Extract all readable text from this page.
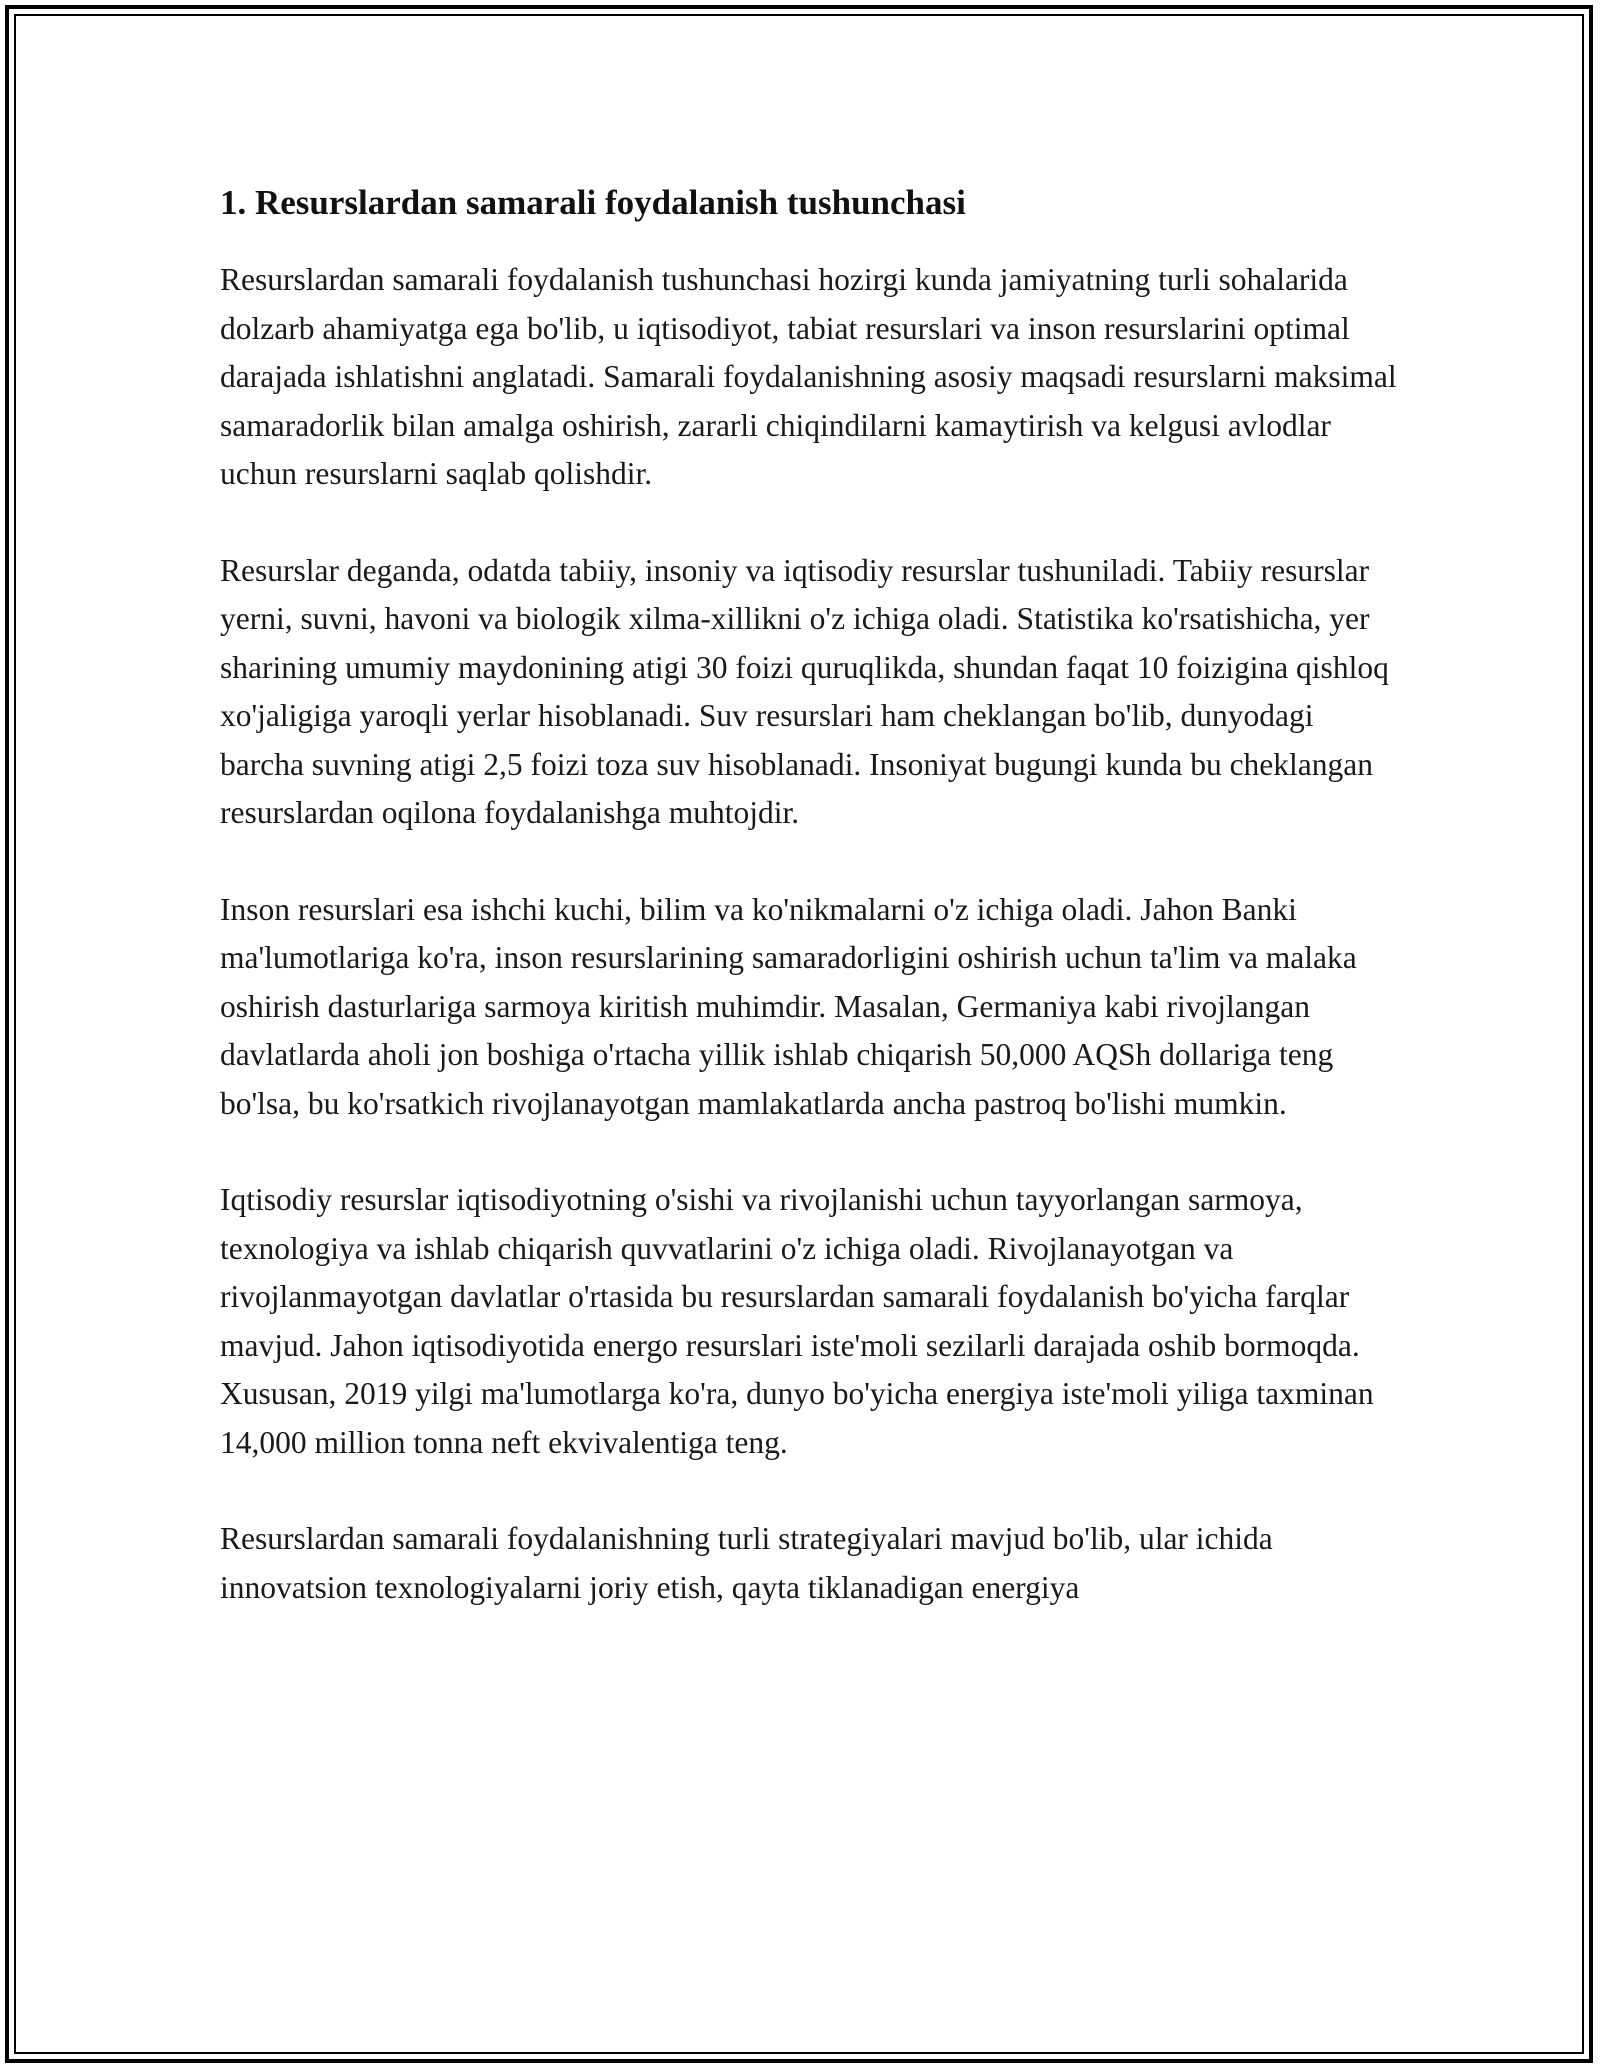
1. Resurslardan samarali foydalanish tushunchasi

Resurslardan samarali foydalanish tushunchasi hozirgi kunda jamiyatning turli sohalarida dolzarb ahamiyatga ega bo'lib, u iqtisodiyot, tabiat resurslari va inson resurslarini optimal darajada ishlatishni anglatadi. Samarali foydalanishning asosiy maqsadi resurslarni maksimal samaradorlik bilan amalga oshirish, zararli chiqindilarni kamaytirish va kelgusi avlodlar uchun resurslarni saqlab qolishdir.

Resurslar deganda, odatda tabiiy, insoniy va iqtisodiy resurslar tushuniladi. Tabiiy resurslar yerni, suvni, havoni va biologik xilma-xillikni o'z ichiga oladi. Statistika ko'rsatishicha, yer sharining umumiy maydonining atigi 30 foizi quruqlikda, shundan faqat 10 foizigina qishloq xo'jaligiga yaroqli yerlar hisoblanadi. Suv resurslari ham cheklangan bo'lib, dunyodagi barcha suvning atigi 2,5 foizi toza suv hisoblanadi. Insoniyat bugungi kunda bu cheklangan resurslardan oqilona foydalanishga muhtojdir.

Inson resurslari esa ishchi kuchi, bilim va ko'nikmalarni o'z ichiga oladi. Jahon Banki ma'lumotlariga ko'ra, inson resurslarining samaradorligini oshirish uchun ta'lim va malaka oshirish dasturlariga sarmoya kiritish muhimdir. Masalan, Germaniya kabi rivojlangan davlatlarda aholi jon boshiga o'rtacha yillik ishlab chiqarish 50,000 AQSh dollariga teng bo'lsa, bu ko'rsatkich rivojlanayotgan mamlakatlarda ancha pastroq bo'lishi mumkin.

Iqtisodiy resurslar iqtisodiyotning o'sishi va rivojlanishi uchun tayyorlangan sarmoya, texnologiya va ishlab chiqarish quvvatlarini o'z ichiga oladi. Rivojlanayotgan va rivojlanmayotgan davlatlar o'rtasida bu resurslardan samarali foydalanish bo'yicha farqlar mavjud. Jahon iqtisodiyotida energo resurslari iste'moli sezilarli darajada oshib bormoqda. Xususan, 2019 yilgi ma'lumotlarga ko'ra, dunyo bo'yicha energiya iste'moli yiliga taxminan 14,000 million tonna neft ekvivalentiga teng.

Resurslardan samarali foydalanishning turli strategiyalari mavjud bo'lib, ular ichida innovatsion texnologiyalarni joriy etish, qayta tiklanadigan energiya
